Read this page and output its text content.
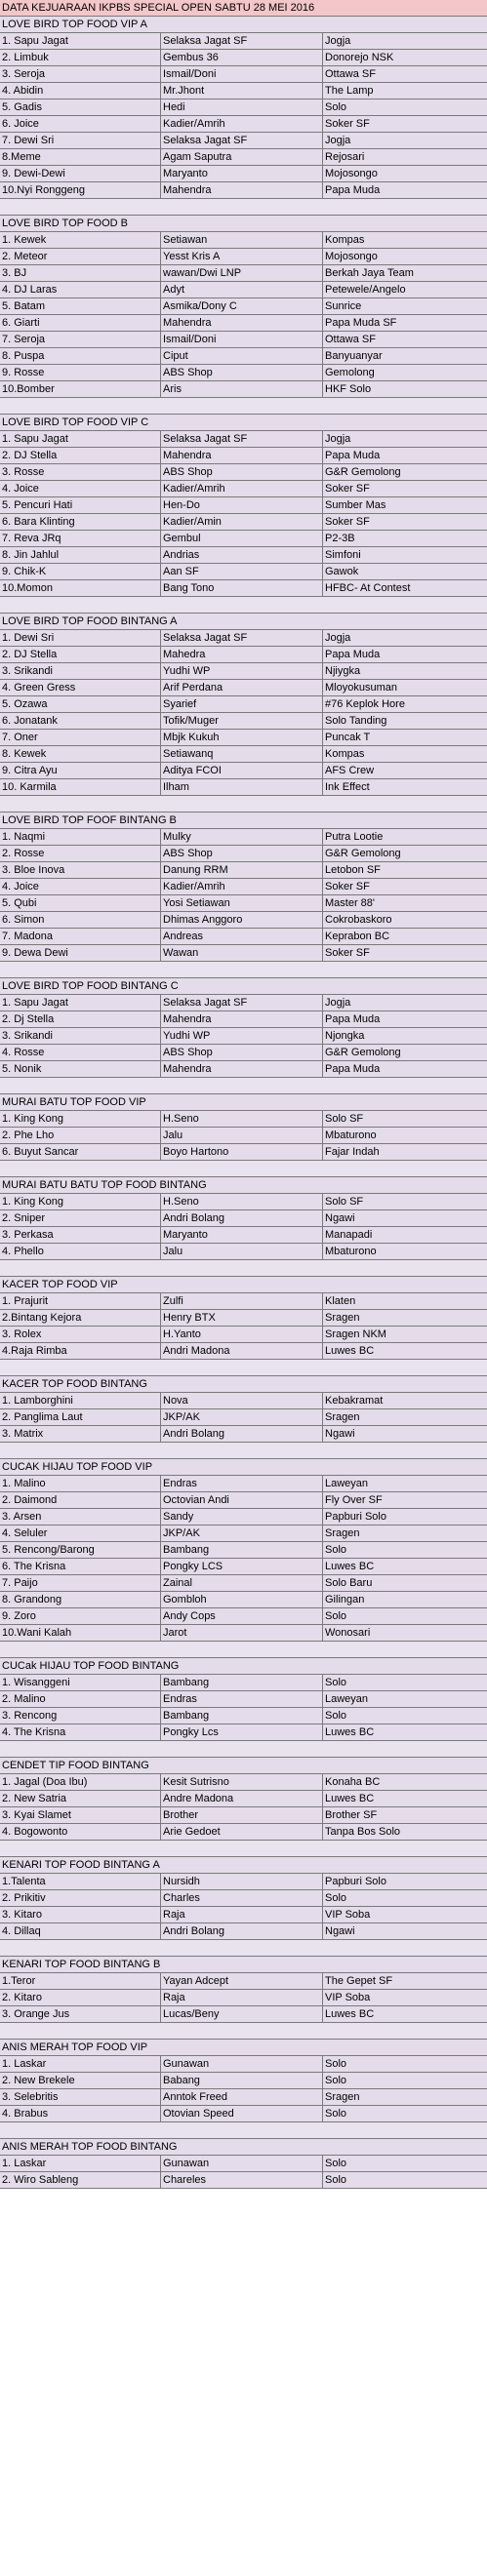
DATA KEJUARAAN IKPBS SPECIAL OPEN SABTU 28 MEI 2016
LOVE BIRD TOP FOOD VIP A
1. Sapu Jagat	Selaksa Jagat SF	Jogja
2. Limbuk	Gembus 36	Donorejo NSK
3. Seroja	Ismail/Doni	Ottawa SF
4. Abidin	Mr.Jhont	The Lamp
5. Gadis	Hedi	Solo
6. Joice	Kadier/Amrih	Soker SF
7. Dewi Sri	Selaksa Jagat SF	Jogja
8.Meme	Agam Saputra	Rejosari
9. Dewi-Dewi	Maryanto	Mojosongo
10.Nyi Ronggeng	Mahendra	Papa Muda
LOVE BIRD TOP FOOD B
1. Kewek	Setiawan	Kompas
2. Meteor	Yesst Kris A	Mojosongo
3. BJ	wawan/Dwi LNP	Berkah Jaya Team
4. DJ Laras	Adyt	Petewele/Angelo
5. Batam	Asmika/Dony C	Sunrice
6. Giarti	Mahendra	Papa Muda SF
7. Seroja	Ismail/Doni	Ottawa SF
8. Puspa	Ciput	Banyuanyar
9. Rosse	ABS Shop	Gemolong
10.Bomber	Aris	HKF Solo
LOVE BIRD TOP FOOD VIP C
1. Sapu Jagat	Selaksa Jagat SF	Jogja
2. DJ Stella	Mahendra	Papa Muda
3. Rosse	ABS Shop	G&R Gemolong
4. Joice	Kadier/Amrih	Soker SF
5. Pencuri Hati	Hen-Do	Sumber Mas
6. Bara Klinting	Kadier/Amin	Soker SF
7. Reva JRq	Gembul	P2-3B
8. Jin Jahlul	Andrias	Simfoni
9. Chik-K	Aan SF	Gawok
10.Momon	Bang Tono	HFBC- At Contest
LOVE BIRD TOP FOOD BINTANG A
1. Dewi Sri	Selaksa Jagat SF	Jogja
2. DJ Stella	Mahedra	Papa Muda
3. Srikandi	Yudhi WP	Njiygka
4. Green Gress	Arif Perdana	Mloyokusuman
5. Ozawa	Syarief	#76 Keplok Hore
6. Jonatank	Tofik/Muger	Solo Tanding
7. Oner	Mbjk Kukuh	Puncak T
8. Kewek	Setiawanq	Kompas
9. Citra Ayu	Aditya FCOI	AFS Crew
10. Karmila	Ilham	Ink Effect
LOVE BIRD TOP FOOF BINTANG B
1. Naqmi	Mulky	Putra Lootie
2. Rosse	ABS Shop	G&R Gemolong
3. Bloe Inova	Danung RRM	Letobon SF
4. Joice	Kadier/Amrih	Soker SF
5. Qubi	Yosi Setiawan	Master 88'
6. Simon	Dhimas Anggoro	Cokrobaskoro
7. Madona	Andreas	Keprabon BC
9. Dewa Dewi	Wawan	Soker SF
LOVE BIRD TOP FOOD BINTANG C
1. Sapu Jagat	Selaksa Jagat SF	Jogja
2. Dj Stella	Mahendra	Papa Muda
3. Srikandi	Yudhi WP	Njongka
4. Rosse	ABS Shop	G&R Gemolong
5. Nonik	Mahendra	Papa Muda
MURAI BATU TOP FOOD VIP
1. King Kong	H.Seno	Solo SF
2. Phe Lho	Jalu	Mbaturono
6. Buyut Sancar	Boyo Hartono	Fajar Indah
MURAI BATU BATU TOP FOOD BINTANG
1. King Kong	H.Seno	Solo SF
2. Sniper	Andri Bolang	Ngawi
3. Perkasa	Maryanto	Manapadi
4. Phello	Jalu	Mbaturono
KACER TOP FOOD VIP
1. Prajurit	Zulfi	Klaten
2.Bintang Kejora	Henry BTX	Sragen
3. Rolex	H.Yanto	Sragen NKM
4.Raja Rimba	Andri Madona	Luwes BC
KACER TOP FOOD BINTANG
1. Lamborghini	Nova	Kebakramat
2. Panglima Laut	JKP/AK	Sragen
3. Matrix	Andri Bolang	Ngawi
CUCAK HIJAU TOP FOOD VIP
1. Malino	Endras	Laweyan
2. Daimond	Octovian Andi	Fly Over SF
3. Arsen	Sandy	Papburi Solo
4. Seluler	JKP/AK	Sragen
5. Rencong/Barong	Bambang	Solo
6. The Krisna	Pongky LCS	Luwes BC
7. Paijo	Zainal	Solo Baru
8. Grandong	Gombloh	Gilingan
9. Zoro	Andy Cops	Solo
10.Wani Kalah	Jarot	Wonosari
CUCak HIJAU TOP FOOD BINTANG
1. Wisanggeni	Bambang	Solo
2. Malino	Endras	Laweyan
3. Rencong	Bambang	Solo
4. The Krisna	Pongky Lcs	Luwes BC
CENDET TIP FOOD BINTANG
1. Jagal (Doa Ibu)	Kesit Sutrisno	Konaha BC
2. New Satria	Andre Madona	Luwes BC
3. Kyai Slamet	Brother	Brother SF
4. Bogowonto	Arie Gedoet	Tanpa Bos Solo
KENARI TOP FOOD BINTANG A
1.Talenta	Nursidh	Papburi Solo
2. Prikitiv	Charles	Solo
3. Kitaro	Raja	VIP Soba
4. Dillaq	Andri Bolang	Ngawi
KENARI TOP FOOD BINTANG B
1.Teror	Yayan Adcept	The Gepet SF
2. Kitaro	Raja	VIP Soba
3. Orange Jus	Lucas/Beny	Luwes BC
ANIS MERAH TOP FOOD VIP
1. Laskar	Gunawan	Solo
2. New Brekele	Babang	Solo
3. Selebritis	Anntok Freed	Sragen
4. Brabus	Otovian Speed	Solo
ANIS MERAH TOP FOOD BINTANG
1. Laskar	Gunawan	Solo
2. Wiro Sableng	Chareles	Solo
